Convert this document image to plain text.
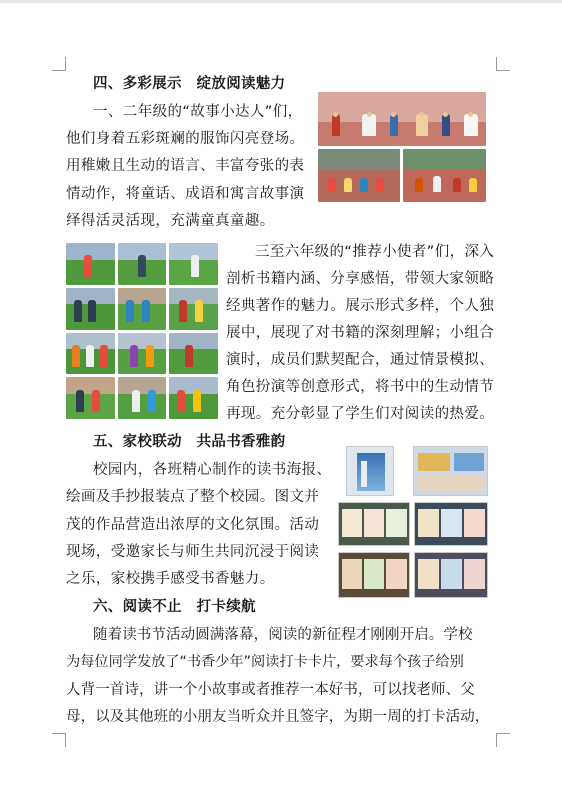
四、多彩展示　绽放阅读魅力
一、二年级的“故事小达人”们，
他们身着五彩斑斓的服饰闪亮登场。
用稚嫩且生动的语言、丰富夸张的表
情动作，将童话、成语和寓言故事演
绎得活灵活现，充满童真童趣。
三至六年级的“推荐小使者”们，深入
剖析书籍内涵、分享感悟，带领大家领略
经典著作的魅力。展示形式多样，个人独
展中，展现了对书籍的深刻理解；小组合
演时，成员们默契配合，通过情景模拟、
角色扮演等创意形式，将书中的生动情节
再现。充分彰显了学生们对阅读的热爱。
五、家校联动　共品书香雅韵
校园内，各班精心制作的读书海报、
绘画及手抄报装点了整个校园。图文并
茂的作品营造出浓厚的文化氛围。活动
现场，受邀家长与师生共同沉浸于阅读
之乐，家校携手感受书香魅力。
六、阅读不止　打卡续航
随着读书节活动圆满落幕，阅读的新征程才刚刚开启。学校
为每位同学发放了“书香少年”阅读打卡卡片，要求每个孩子给别
人背一首诗，讲一个小故事或者推荐一本好书，可以找老师、父
母，以及其他班的小朋友当听众并且签字，为期一周的打卡活动，
